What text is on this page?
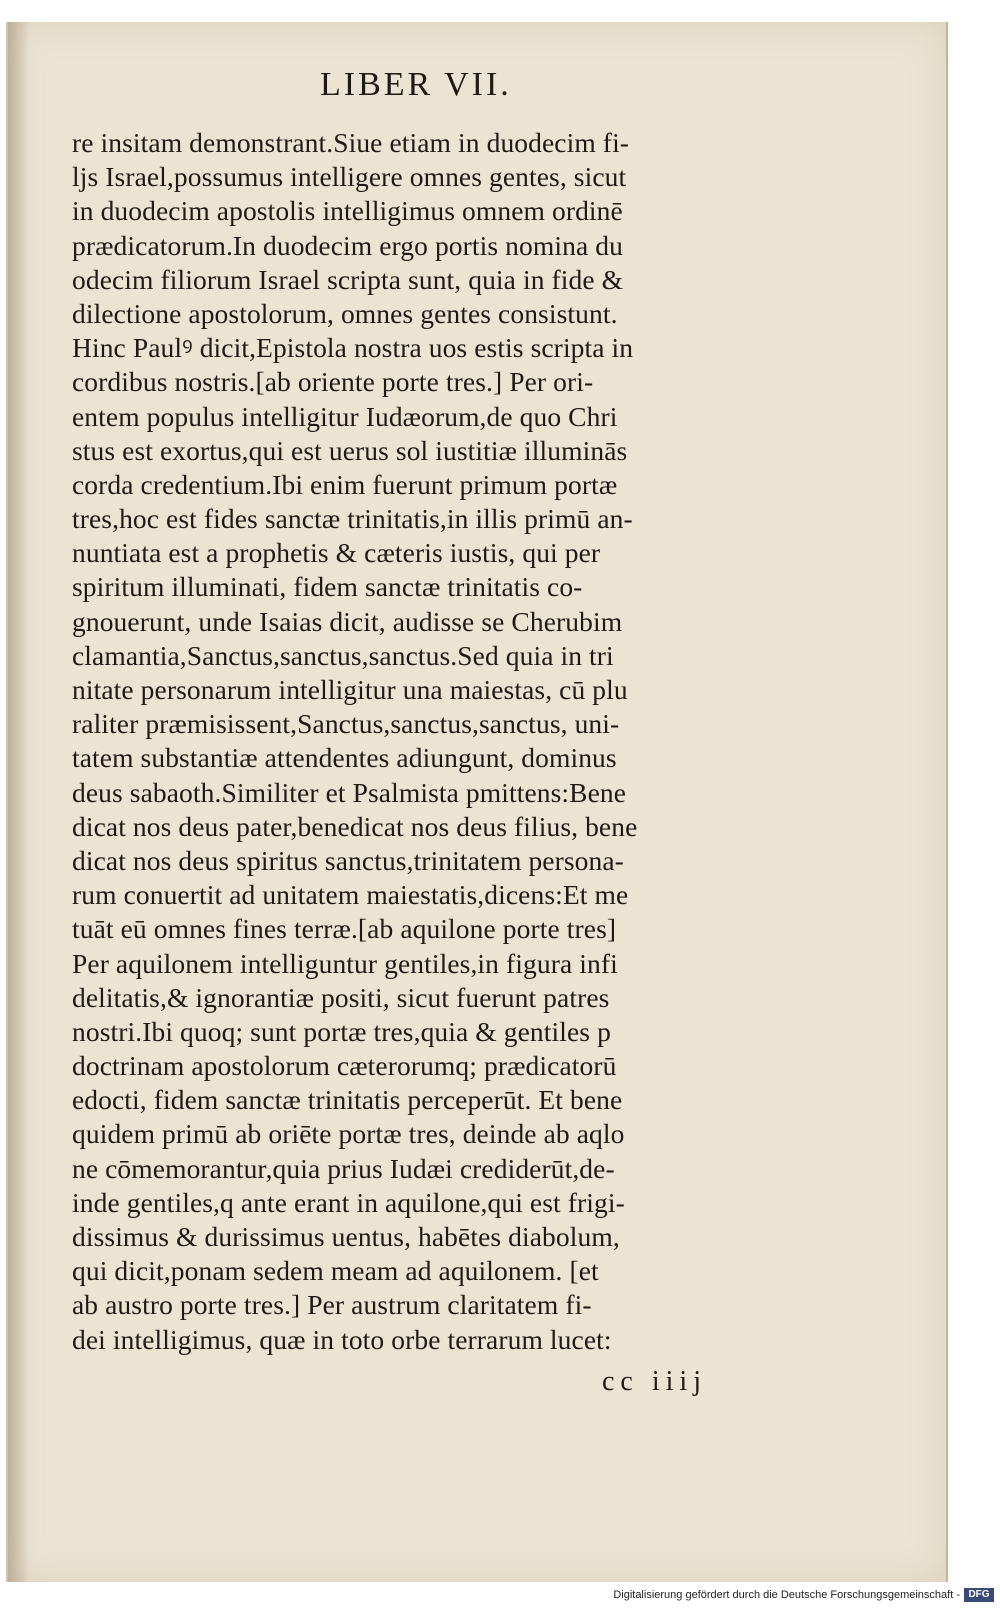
LIBER VII.
re insitam demonstrant.Siue etiam in duodecim fi-
ljs Israel,possumus intelligere omnes gentes, sicut
in duodecim apostolis intelligimus omnem ordinē
prædicatorum.In duodecim ergo portis nomina du
odecim filiorum Israel scripta sunt, quia in fide &
dilectione apostolorum, omnes gentes consistunt.
Hinc Paulꝰ dicit,Epistola nostra uos estis scripta in
cordibus nostris.[ab oriente porte tres.] Per ori-
entem populus intelligitur Iudæorum,de quo Chri
stus est exortus,qui est uerus sol iustitiæ illuminās
corda credentium.Ibi enim fuerunt primum portæ
tres,hoc est fides sanctæ trinitatis,in illis primū an-
nuntiata est a prophetis & cæteris iustis, qui per
spiritum illuminati, fidem sanctæ trinitatis co-
gnouerunt, unde Isaias dicit, audisse se Cherubim
clamantia,Sanctus,sanctus,sanctus.Sed quia in tri
nitate personarum intelligitur una maiestas, cū plu
raliter præmisissent,Sanctus,sanctus,sanctus, uni-
tatem substantiæ attendentes adiungunt, dominus
deus sabaoth.Similiter et Psalmista pmittens:Bene
dicat nos deus pater,benedicat nos deus filius, bene
dicat nos deus spiritus sanctus,trinitatem persona-
rum conuertit ad unitatem maiestatis,dicens:Et me
tuāt eū omnes fines terræ.[ab aquilone porte tres]
Per aquilonem intelliguntur gentiles,in figura infi
delitatis,& ignorantiæ positi, sicut fuerunt patres
nostri.Ibi quoq; sunt portæ tres,quia & gentiles p
doctrinam apostolorum cæterorumq; prædicatorū
edocti, fidem sanctæ trinitatis perceperūt. Et bene
quidem primū ab oriēte portæ tres, deinde ab aqlo
ne cōmemorantur,quia prius Iudæi crediderūt,de-
inde gentiles,q ante erant in aquilone,qui est frigi-
dissimus & durissimus uentus, habētes diabolum,
qui dicit,ponam sedem meam ad aquilonem. [et
ab austro porte tres.] Per austrum claritatem fi-
dei intelligimus, quæ in toto orbe terrarum lucet:
cc iiij
Digitalisierung gefördert durch die Deutsche Forschungsgemeinschaft - DFG
